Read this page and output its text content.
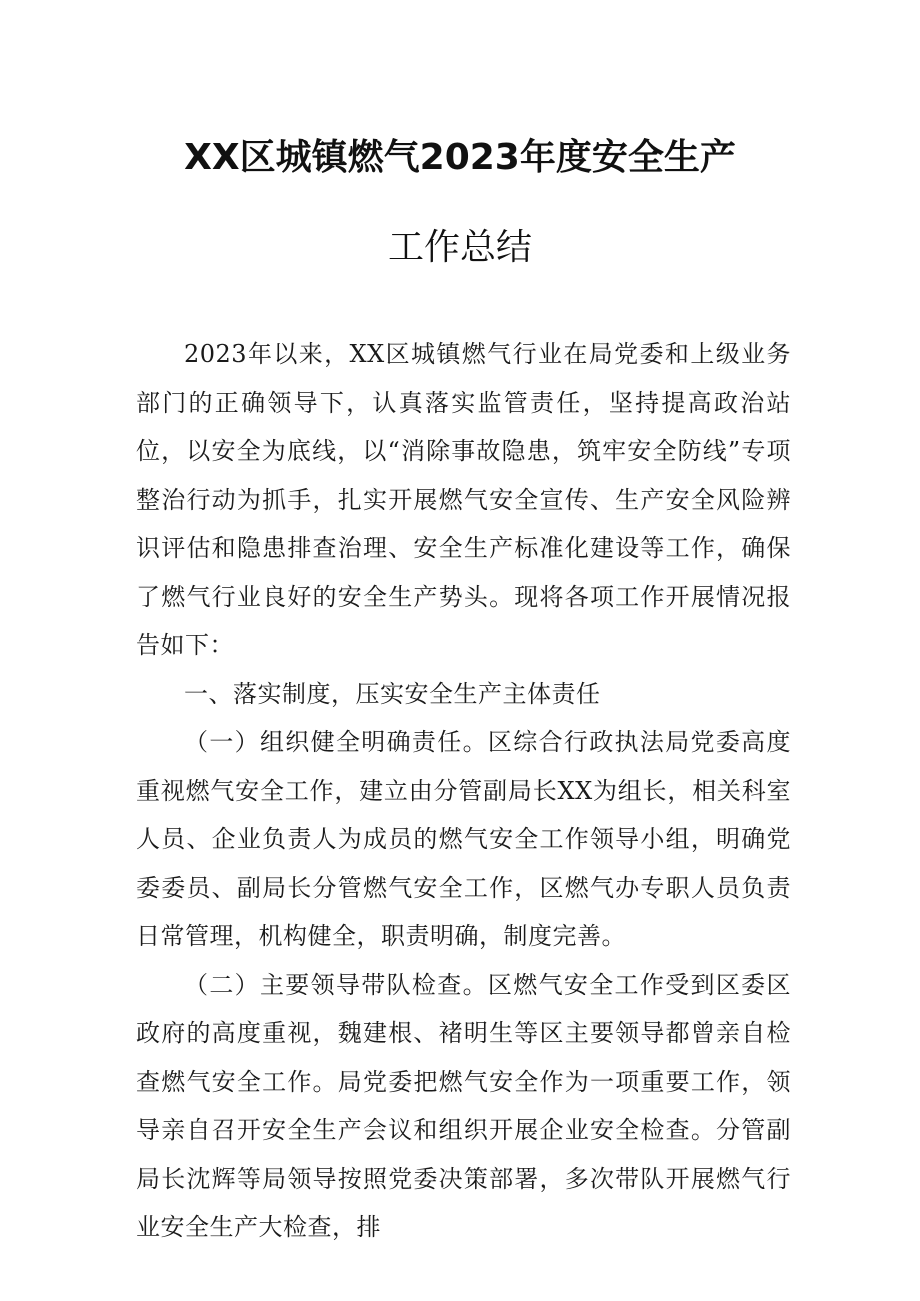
XX区城镇燃气2023年度安全生产
工作总结

2023年以来，XX区城镇燃气行业在局党委和上级业务部门的正确领导下，认真落实监管责任，坚持提高政治站位，以安全为底线，以“消除事故隐患，筑牢安全防线”专项整治行动为抓手，扎实开展燃气安全宣传、生产安全风险辨识评估和隐患排查治理、安全生产标准化建设等工作，确保了燃气行业良好的安全生产势头。现将各项工作开展情况报告如下：

一、落实制度，压实安全生产主体责任

（一）组织健全明确责任。区综合行政执法局党委高度重视燃气安全工作，建立由分管副局长XX为组长，相关科室人员、企业负责人为成员的燃气安全工作领导小组，明确党委委员、副局长分管燃气安全工作，区燃气办专职人员负责日常管理，机构健全，职责明确，制度完善。

（二）主要领导带队检查。区燃气安全工作受到区委区政府的高度重视，魏建根、褚明生等区主要领导都曾亲自检查燃气安全工作。局党委把燃气安全作为一项重要工作，领导亲自召开安全生产会议和组织开展企业安全检查。分管副局长沈辉等局领导按照党委决策部署，多次带队开展燃气行业安全生产大检查，排
